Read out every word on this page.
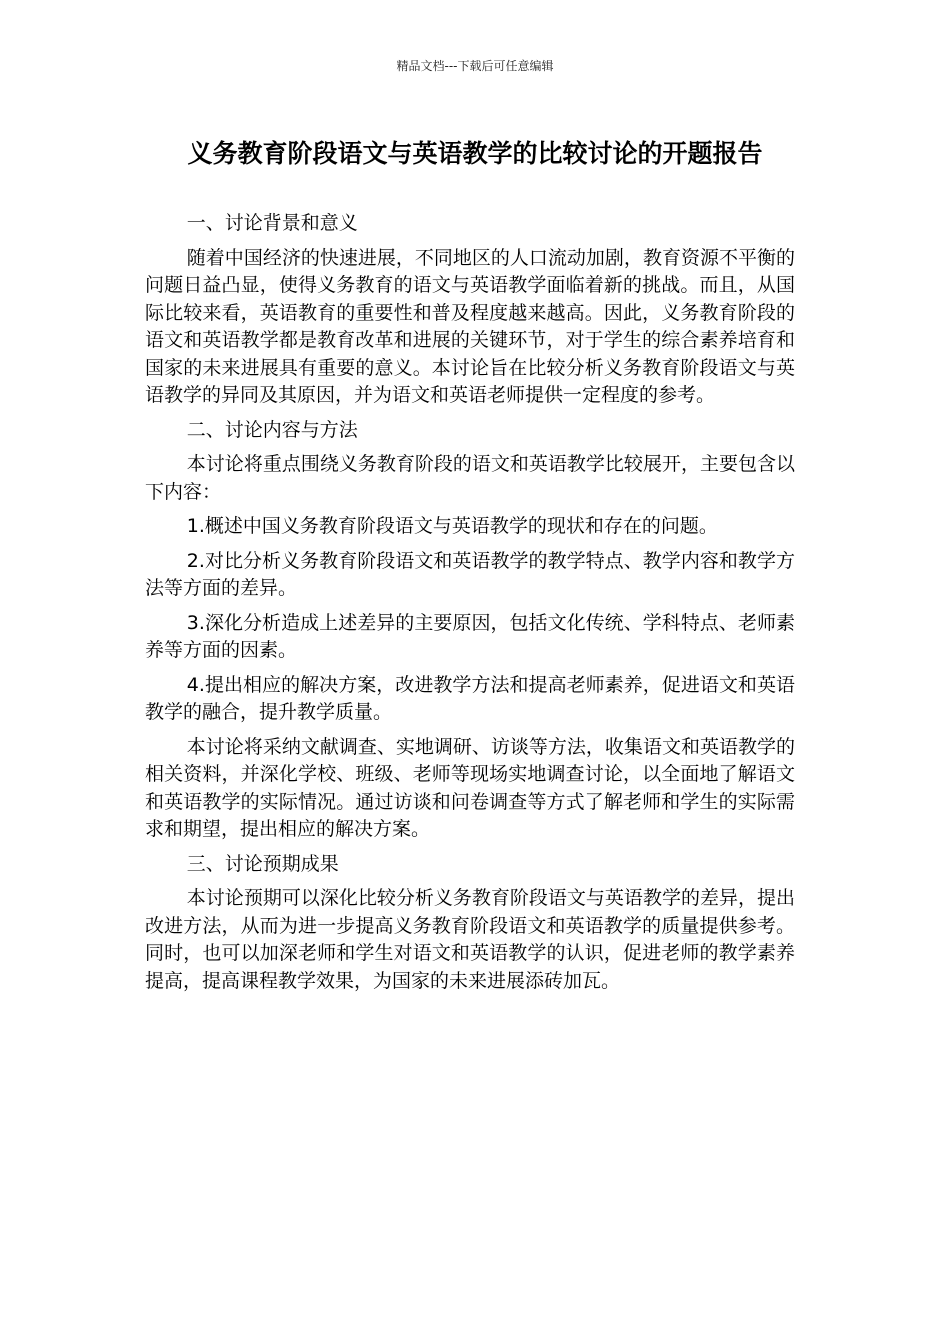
精品文档---下载后可任意编辑
义务教育阶段语文与英语教学的比较讨论的开题报告

一、讨论背景和意义

随着中国经济的快速进展，不同地区的人口流动加剧，教育资源不平衡的问题日益凸显，使得义务教育的语文与英语教学面临着新的挑战。而且，从国际比较来看，英语教育的重要性和普及程度越来越高。因此，义务教育阶段的语文和英语教学都是教育改革和进展的关键环节，对于学生的综合素养培育和国家的未来进展具有重要的意义。本讨论旨在比较分析义务教育阶段语文与英语教学的异同及其原因，并为语文和英语老师提供一定程度的参考。

二、讨论内容与方法

本讨论将重点围绕义务教育阶段的语文和英语教学比较展开，主要包含以下内容：

1.概述中国义务教育阶段语文与英语教学的现状和存在的问题。

2.对比分析义务教育阶段语文和英语教学的教学特点、教学内容和教学方法等方面的差异。

3.深化分析造成上述差异的主要原因，包括文化传统、学科特点、老师素养等方面的因素。

4.提出相应的解决方案，改进教学方法和提高老师素养，促进语文和英语教学的融合，提升教学质量。

本讨论将采纳文献调查、实地调研、访谈等方法，收集语文和英语教学的相关资料，并深化学校、班级、老师等现场实地调查讨论，以全面地了解语文和英语教学的实际情况。通过访谈和问卷调查等方式了解老师和学生的实际需求和期望，提出相应的解决方案。

三、讨论预期成果

本讨论预期可以深化比较分析义务教育阶段语文与英语教学的差异，提出改进方法，从而为进一步提高义务教育阶段语文和英语教学的质量提供参考。同时，也可以加深老师和学生对语文和英语教学的认识，促进老师的教学素养提高，提高课程教学效果，为国家的未来进展添砖加瓦。
